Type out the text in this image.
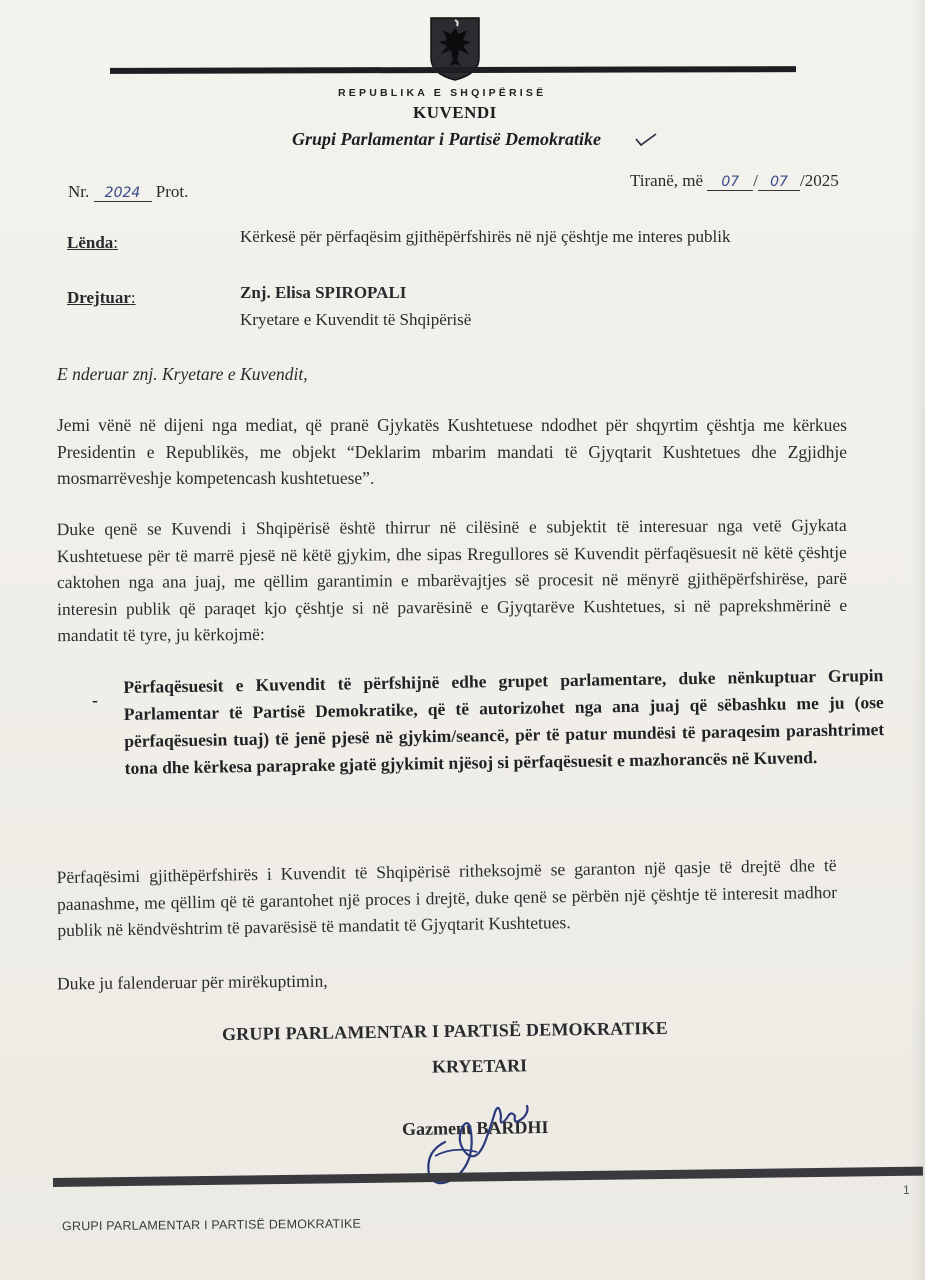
REPUBLIKA E SHQIPËRISË
KUVENDI
Grupi Parlamentar i Partisë Demokratike
Nr. 2024 Prot.
Tiranë, më 07 / 07 /2025
Lënda:	Kërkesë për përfaqësim gjithëpërfshirës në një çështje me interes publik
Drejtuar:	Znj. Elisa SPIROPALI
Kryetare e Kuvendit të Shqipërisë
E nderuar znj. Kryetare e Kuvendit,
Jemi vënë në dijeni nga mediat, që pranë Gjykatës Kushtetuese ndodhet për shqyrtim çështja me kërkues Presidentin e Republikës, me objekt “Deklarim mbarim mandati të Gjyqtarit Kushtetues dhe Zgjidhje mosmarrëveshje kompetencash kushtetuese”.
Duke qenë se Kuvendi i Shqipërisë është thirrur në cilësinë e subjektit të interesuar nga vetë Gjykata Kushtetuese për të marrë pjesë në këtë gjykim, dhe sipas Rregullores së Kuvendit përfaqësuesit në këtë çështje caktohen nga ana juaj, me qëllim garantimin e mbarëvajtjes së procesit në mënyrë gjithëpërfshirëse, parë interesin publik që paraqet kjo çështje si në pavarësinë e Gjyqtarëve Kushtetues, si në paprekshmërinë e mandatit të tyre, ju kërkojmë:
-
Përfaqësuesit e Kuvendit të përfshijnë edhe grupet parlamentare, duke nënkuptuar Grupin Parlamentar të Partisë Demokratike, që të autorizohet nga ana juaj që sëbashku me ju (ose përfaqësuesin tuaj) të jenë pjesë në gjykim/seancë, për të patur mundësi të paraqesim parashtrimet tona dhe kërkesa paraprake gjatë gjykimit njësoj si përfaqësuesit e mazhorancës në Kuvend.
Përfaqësimi gjithëpërfshirës i Kuvendit të Shqipërisë ritheksojmë se garanton një qasje të drejtë dhe të paanashme, me qëllim që të garantohet një proces i drejtë, duke qenë se përbën një çështje të interesit madhor publik në këndvështrim të pavarësisë të mandatit të Gjyqtarit Kushtetues.
Duke ju falenderuar për mirëkuptimin,
GRUPI PARLAMENTAR I PARTISË DEMOKRATIKE
KRYETARI
Gazment BARDHI
1
GRUPI PARLAMENTAR I PARTISË DEMOKRATIKE
